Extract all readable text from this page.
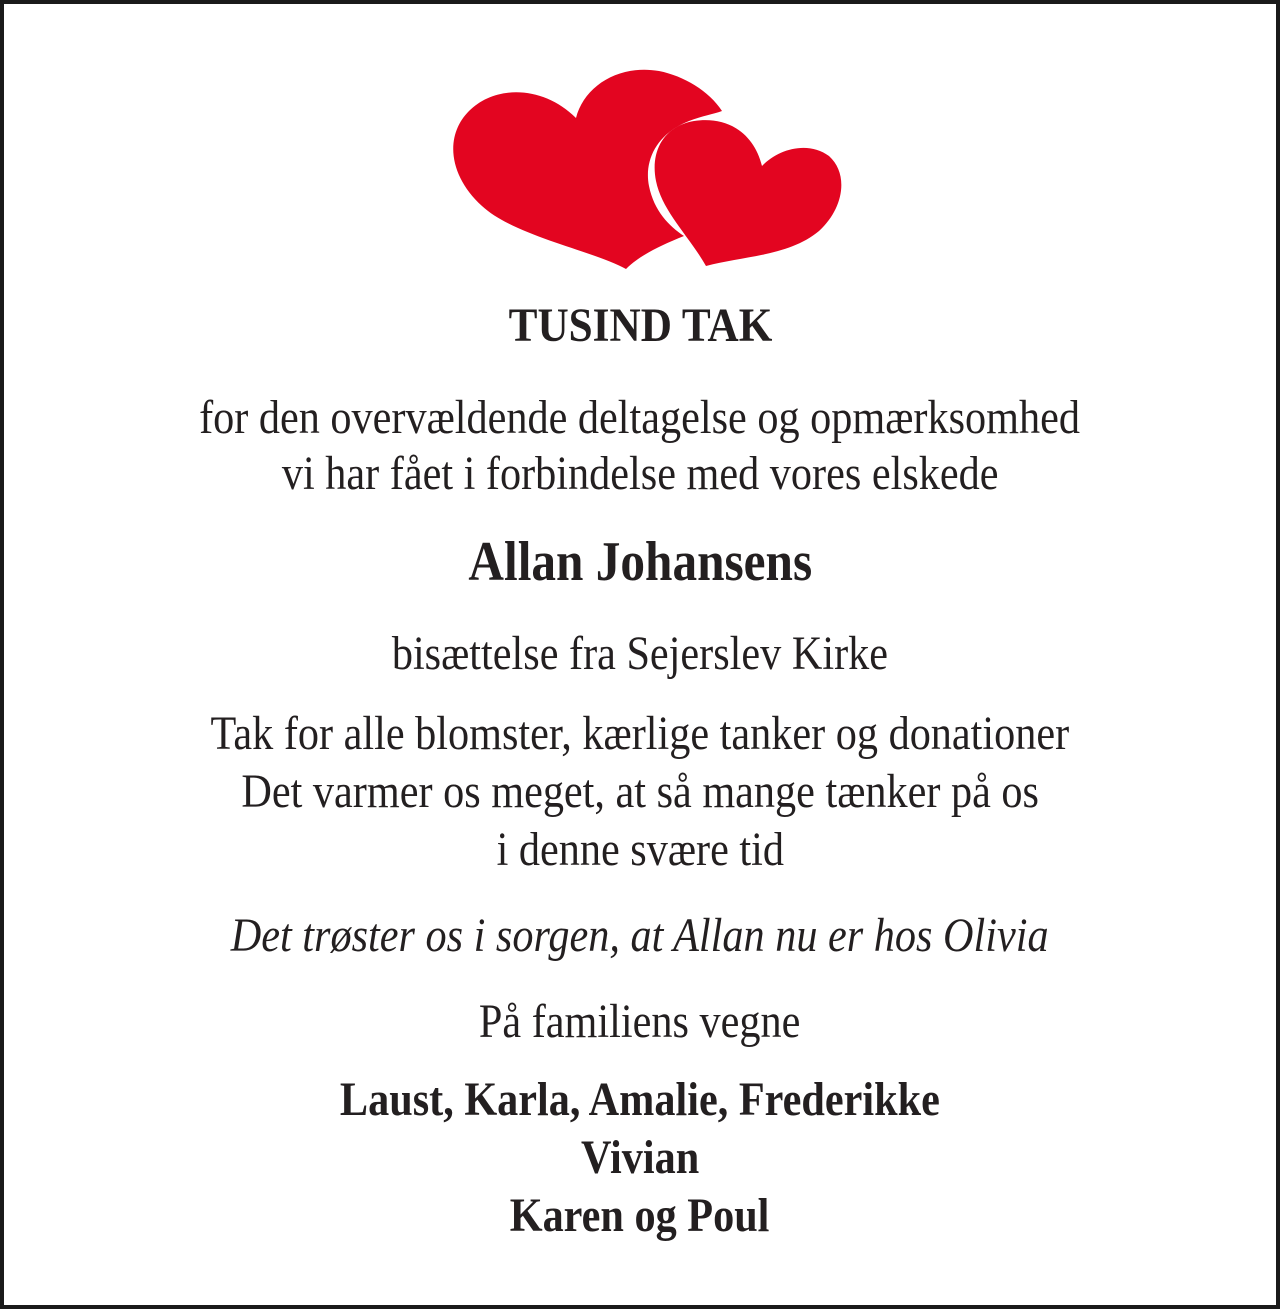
TUSIND TAK
for den overvældende deltagelse og opmærksomhed
vi har fået i forbindelse med vores elskede
Allan Johansens
bisættelse fra Sejerslev Kirke
Tak for alle blomster, kærlige tanker og donationer
Det varmer os meget, at så mange tænker på os
i denne svære tid
Det trøster os i sorgen, at Allan nu er hos Olivia
På familiens vegne
Laust, Karla, Amalie, Frederikke
Vivian
Karen og Poul
